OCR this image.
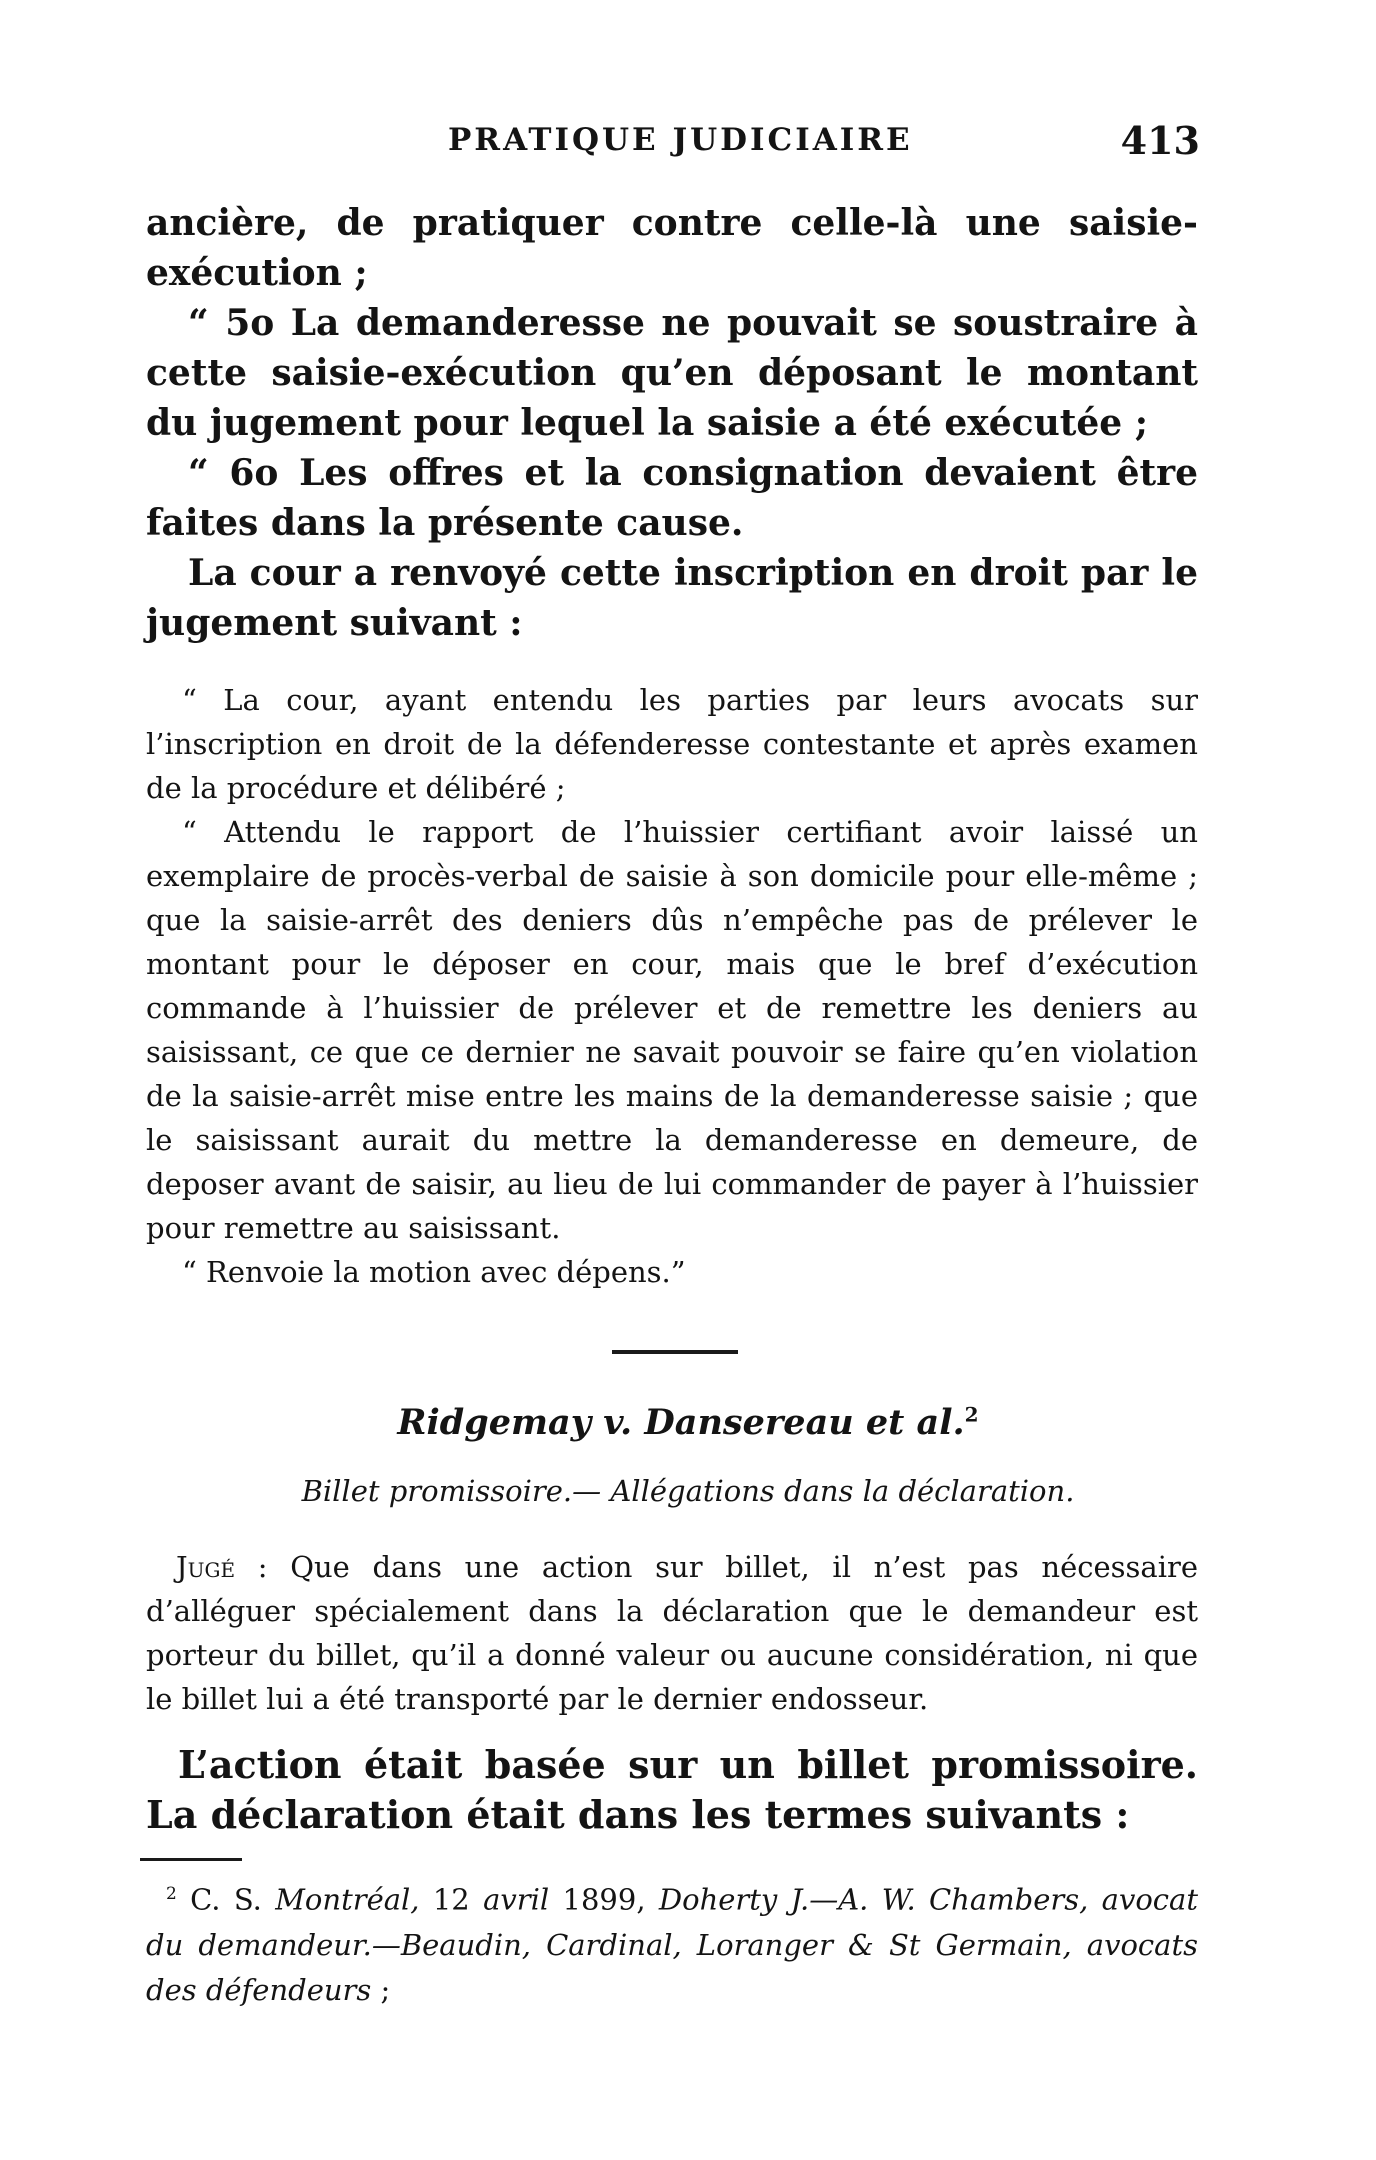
PRATIQUE JUDICIAIRE	413

ancière, de pratiquer contre celle-là une saisie-exécution ;

“ 5o La demanderesse ne pouvait se soustraire à cette saisie-exécution qu’en déposant le montant du jugement pour lequel la saisie a été exécutée ;

“ 6o Les offres et la consignation devaient être faites dans la présente cause.

La cour a renvoyé cette inscription en droit par le jugement suivant :

“ La cour, ayant entendu les parties par leurs avocats sur l’inscription en droit de la défenderesse contestante et après examen de la procédure et délibéré ;

“ Attendu le rapport de l’huissier certifiant avoir laissé un exemplaire de procès-verbal de saisie à son domicile pour elle-même ; que la saisie-arrêt des deniers dûs n’empêche pas de prélever le montant pour le déposer en cour, mais que le bref d’exécution commande à l’huissier de prélever et de remettre les deniers au saisissant, ce que ce dernier ne savait pouvoir se faire qu’en violation de la saisie-arrêt mise entre les mains de la demanderesse saisie ; que le saisissant aurait du mettre la demanderesse en demeure, de deposer avant de saisir, au lieu de lui commander de payer à l’huissier pour remettre au saisissant.

“ Renvoie la motion avec dépens.”

Ridgemay v. Dansereau et al.$^2$
Billet promissoire.— Allégations dans la déclaration.

Jugé : Que dans une action sur billet, il n’est pas nécessaire d’alléguer spécialement dans la déclaration que le demandeur est porteur du billet, qu’il a donné valeur ou aucune considération, ni que le billet lui a été transporté par le dernier endosseur.

L’action était basée sur un billet promissoire. La déclaration était dans les termes suivants :

$^2$ C. S. Montréal, 12 avril 1899, Doherty J.—A. W. Chambers, avocat du demandeur.—Beaudin, Cardinal, Loranger & St Germain, avocats des défendeurs ;
